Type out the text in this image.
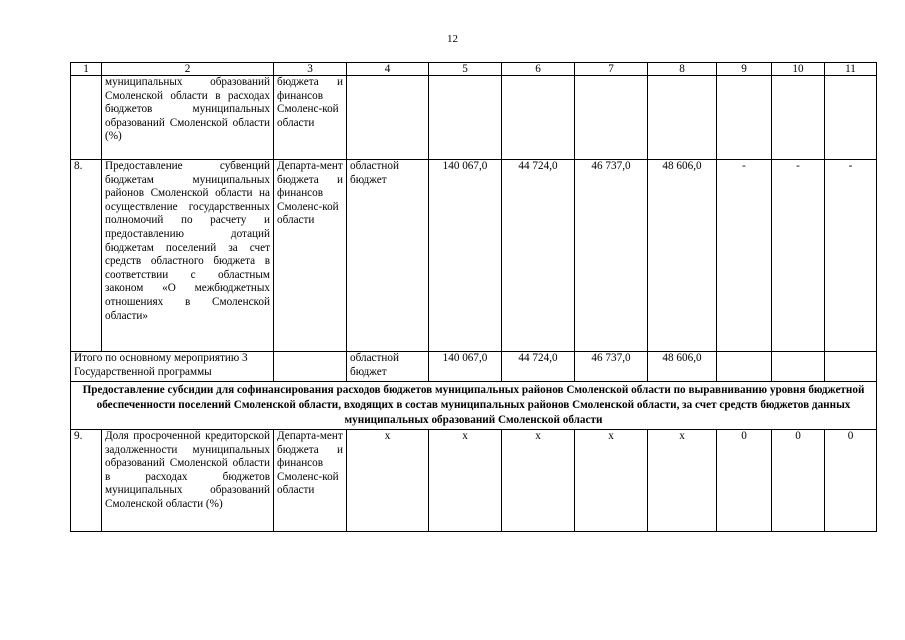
12
1	2	3	4	5	6	7	8	9	10	11
	муниципальных образований Смоленской области в расходах бюджетов муниципальных образований Смоленской области (%)	бюджета и финансов Смоленс-кой области								
8.	Предоставление субвенций бюджетам муниципальных районов Смоленской области на осуществление государственных полномочий по расчету и предоставлению дотаций бюджетам поселений за счет средств областного бюджета в соответствии с областным законом «О межбюджетных отношениях в Смоленской области»	Департа-мент бюджета и финансов Смоленс-кой области	областной бюджет	140 067,0	44 724,0	46 737,0	48 606,0	-	-	-
Итого по основному мероприятию 3 Государственной программы			областной бюджет	140 067,0	44 724,0	46 737,0	48 606,0			
Предоставление субсидии для софинансирования расходов бюджетов муниципальных районов Смоленской области по выравниванию уровня бюджетной обеспеченности поселений Смоленской области, входящих в состав муниципальных районов Смоленской области, за счет средств бюджетов данных муниципальных образований Смоленской области										
9.	Доля просроченной кредиторской задолженности муниципальных образований Смоленской области в расходах бюджетов муниципальных образований Смоленской области (%)	Департа-мент бюджета и финансов Смоленс-кой области	x	x	x	x	x	0	0	0
